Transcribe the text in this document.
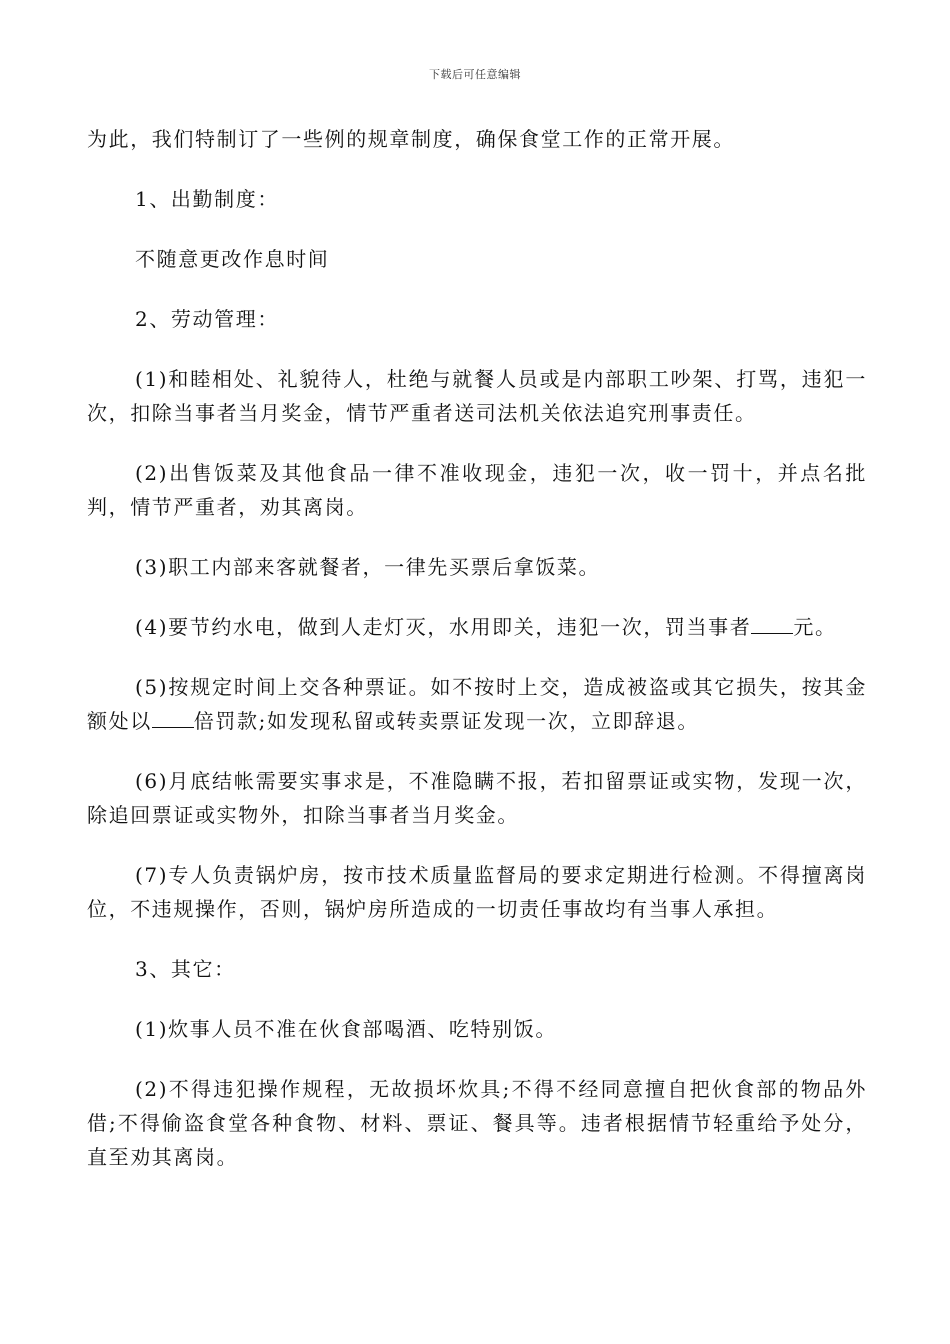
下载后可任意编辑

为此，我们特制订了一些例的规章制度，确保食堂工作的正常开展。

1、出勤制度：

不随意更改作息时间

2、劳动管理：

(1)和睦相处、礼貌待人，杜绝与就餐人员或是内部职工吵架、打骂，违犯一次，扣除当事者当月奖金，情节严重者送司法机关依法追究刑事责任。

(2)出售饭菜及其他食品一律不准收现金，违犯一次，收一罚十，并点名批判，情节严重者，劝其离岗。

(3)职工内部来客就餐者，一律先买票后拿饭菜。

(4)要节约水电，做到人走灯灭，水用即关，违犯一次，罚当事者 元。

(5)按规定时间上交各种票证。如不按时上交，造成被盗或其它损失，按其金额处以 倍罚款;如发现私留或转卖票证发现一次，立即辞退。

(6)月底结帐需要实事求是，不准隐瞒不报，若扣留票证或实物，发现一次，除追回票证或实物外，扣除当事者当月奖金。

(7)专人负责锅炉房，按市技术质量监督局的要求定期进行检测。不得擅离岗位，不违规操作，否则，锅炉房所造成的一切责任事故均有当事人承担。

3、其它：

(1)炊事人员不准在伙食部喝酒、吃特别饭。

(2)不得违犯操作规程，无故损坏炊具;不得不经同意擅自把伙食部的物品外借;不得偷盗食堂各种食物、材料、票证、餐具等。违者根据情节轻重给予处分，直至劝其离岗。
